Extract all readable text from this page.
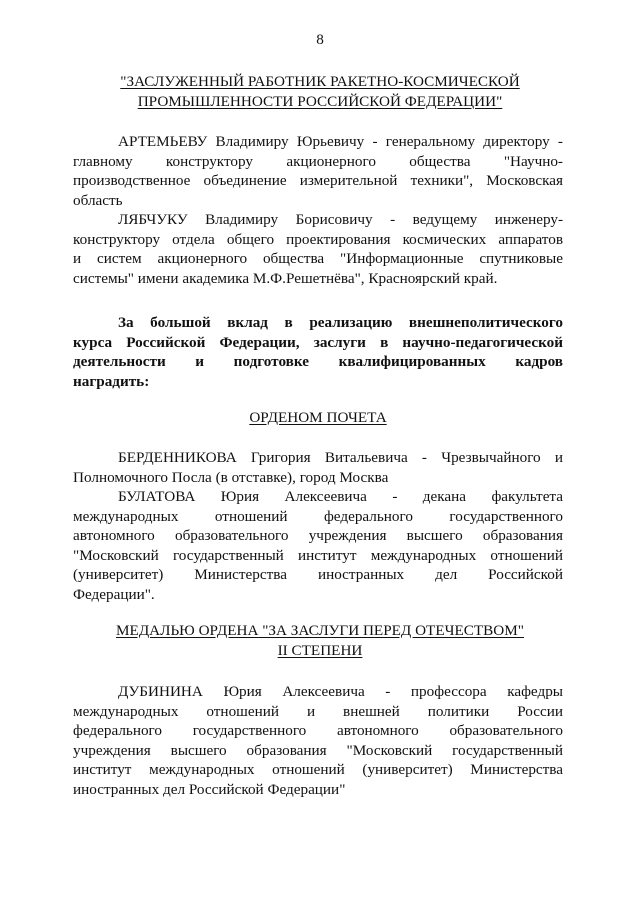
8
"ЗАСЛУЖЕННЫЙ РАБОТНИК РАКЕТНО-КОСМИЧЕСКОЙ
ПРОМЫШЛЕННОСТИ РОССИЙСКОЙ ФЕДЕРАЦИИ"
АРТЕМЬЕВУ Владимиру Юрьевичу - генеральному директору -
главному конструктору акционерного общества "Научно-
производственное объединение измерительной техники", Московская
область
ЛЯБЧУКУ Владимиру Борисовичу - ведущему инженеру-
конструктору отдела общего проектирования космических аппаратов
и систем акционерного общества "Информационные спутниковые
системы" имени академика М.Ф.Решетнёва", Красноярский край.
За большой вклад в реализацию внешнеполитического
курса Российской Федерации, заслуги в научно-педагогической
деятельности и подготовке квалифицированных кадров
наградить:
ОРДЕНОМ ПОЧЕТА
БЕРДЕННИКОВА Григория Витальевича - Чрезвычайного и
Полномочного Посла (в отставке), город Москва
БУЛАТОВА Юрия Алексеевича - декана факультета
международных отношений федерального государственного
автономного образовательного учреждения высшего образования
"Московский государственный институт международных отношений
(университет) Министерства иностранных дел Российской
Федерации".
МЕДАЛЬЮ ОРДЕНА "ЗА ЗАСЛУГИ ПЕРЕД ОТЕЧЕСТВОМ"
II СТЕПЕНИ
ДУБИНИНА Юрия Алексеевича - профессора кафедры
международных отношений и внешней политики России
федерального государственного автономного образовательного
учреждения высшего образования "Московский государственный
институт международных отношений (университет) Министерства
иностранных дел Российской Федерации"
